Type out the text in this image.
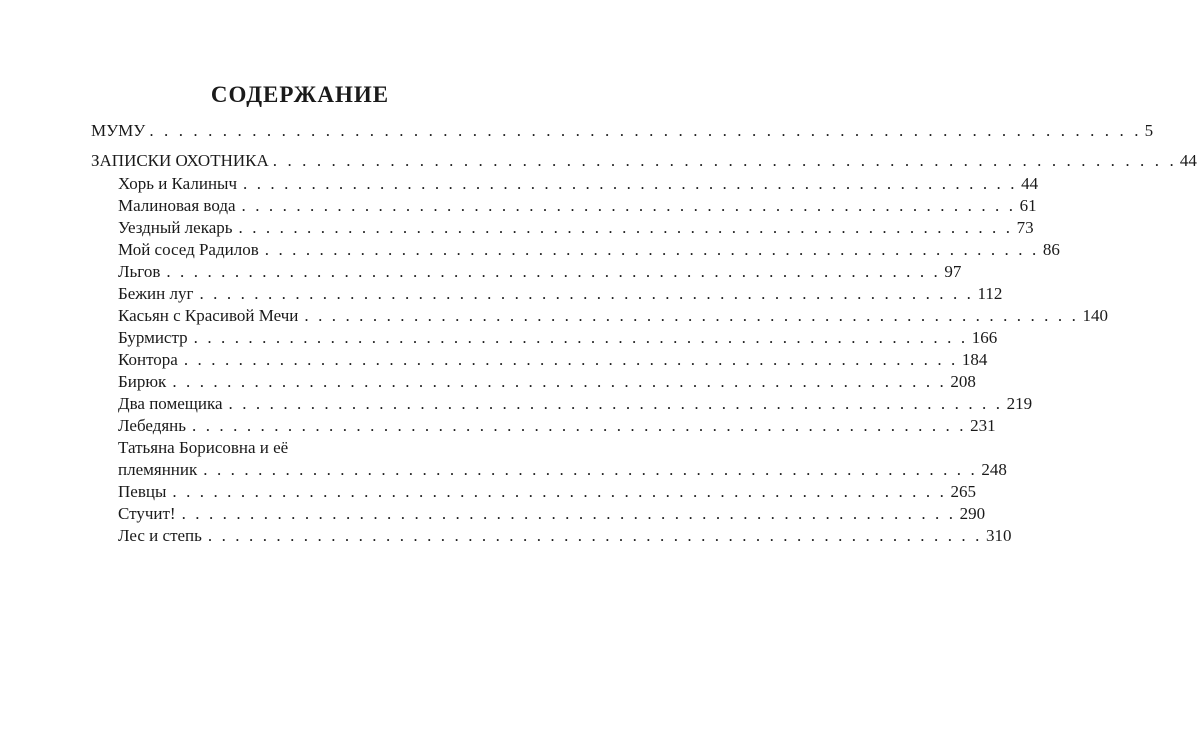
СОДЕРЖАНИЕ
МУМУ . . . . . . . . . . . . . . . . . . . . . . . . . . . . . . . . . . . . . . . . . . . . . . . . . . . . . . . . . . . . . . . . . . . . 5
ЗАПИСКИ ОХОТНИКА . . . . . . . . . . . . . . . . . . . . . . . . . . . . . . . . . . . . . . . . . . . . . . . . . . . . . . . . . . . . . . 44
Хорь и Калиныч . . . . . . . . . . . . . . . . . . . . . . . . . . . . . . . . . . . . . . . . . . . . . . . . . . . . . . . . . 44
Малиновая вода . . . . . . . . . . . . . . . . . . . . . . . . . . . . . . . . . . . . . . . . . . . . . . . . . . . . . . . . . 61
Уездный лекарь . . . . . . . . . . . . . . . . . . . . . . . . . . . . . . . . . . . . . . . . . . . . . . . . . . . . . . . . . 73
Мой сосед Радилов . . . . . . . . . . . . . . . . . . . . . . . . . . . . . . . . . . . . . . . . . . . . . . . . . . . . . . . . . 86
Льгов . . . . . . . . . . . . . . . . . . . . . . . . . . . . . . . . . . . . . . . . . . . . . . . . . . . . . . . . . 97
Бежин луг . . . . . . . . . . . . . . . . . . . . . . . . . . . . . . . . . . . . . . . . . . . . . . . . . . . . . . . . . 112
Касьян с Красивой Мечи . . . . . . . . . . . . . . . . . . . . . . . . . . . . . . . . . . . . . . . . . . . . . . . . . . . . . . . . . 140
Бурмистр . . . . . . . . . . . . . . . . . . . . . . . . . . . . . . . . . . . . . . . . . . . . . . . . . . . . . . . . . 166
Контора . . . . . . . . . . . . . . . . . . . . . . . . . . . . . . . . . . . . . . . . . . . . . . . . . . . . . . . . . 184
Бирюк . . . . . . . . . . . . . . . . . . . . . . . . . . . . . . . . . . . . . . . . . . . . . . . . . . . . . . . . . 208
Два помещика . . . . . . . . . . . . . . . . . . . . . . . . . . . . . . . . . . . . . . . . . . . . . . . . . . . . . . . . . 219
Лебедянь . . . . . . . . . . . . . . . . . . . . . . . . . . . . . . . . . . . . . . . . . . . . . . . . . . . . . . . . . 231
Татьяна Борисовна и её
племянник . . . . . . . . . . . . . . . . . . . . . . . . . . . . . . . . . . . . . . . . . . . . . . . . . . . . . . . . . 248
Певцы . . . . . . . . . . . . . . . . . . . . . . . . . . . . . . . . . . . . . . . . . . . . . . . . . . . . . . . . . 265
Стучит! . . . . . . . . . . . . . . . . . . . . . . . . . . . . . . . . . . . . . . . . . . . . . . . . . . . . . . . . . 290
Лес и степь . . . . . . . . . . . . . . . . . . . . . . . . . . . . . . . . . . . . . . . . . . . . . . . . . . . . . . . . . 310
